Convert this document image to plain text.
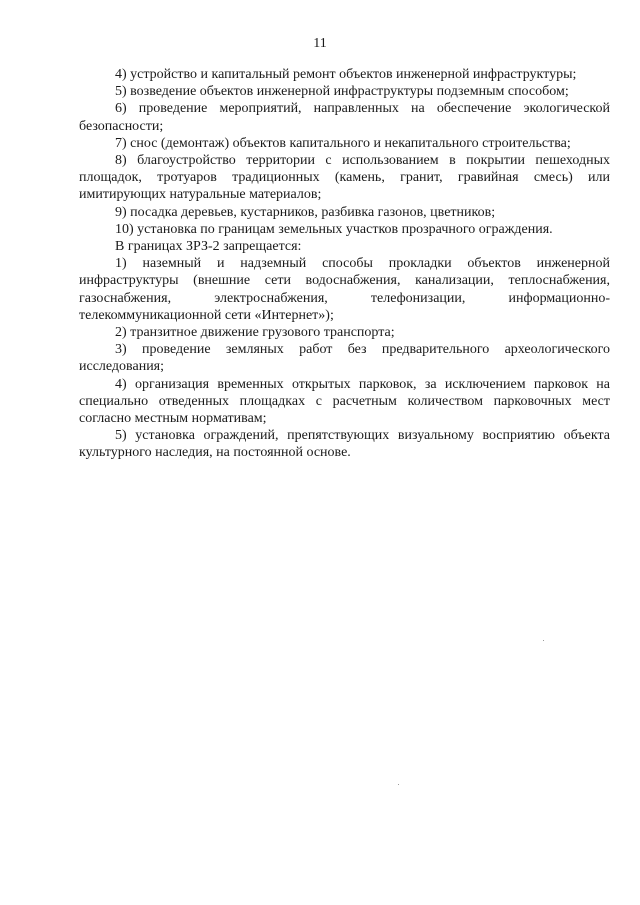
11

4) устройство и капитальный ремонт объектов инженерной инфраструктуры;

5) возведение объектов инженерной инфраструктуры подземным способом;

6) проведение мероприятий, направленных на обеспечение экологической безопасности;

7) снос (демонтаж) объектов капитального и некапитального строительства;

8) благоустройство территории с использованием в покрытии пешеходных площадок, тротуаров традиционных (камень, гранит, гравийная смесь) или имитирующих натуральные материалов;

9) посадка деревьев, кустарников, разбивка газонов, цветников;

10) установка по границам земельных участков прозрачного ограждения.

В границах ЗРЗ-2 запрещается:

1) наземный и надземный способы прокладки объектов инженерной инфраструктуры (внешние сети водоснабжения, канализации, теплоснабжения, газоснабжения, электроснабжения, телефонизации, информационно-телекоммуникационной сети «Интернет»);

2) транзитное движение грузового транспорта;

3) проведение земляных работ без предварительного археологического исследования;

4) организация временных открытых парковок, за исключением парковок на специально отведенных площадках с расчетным количеством парковочных мест согласно местным нормативам;

5) установка ограждений, препятствующих визуальному восприятию объекта культурного наследия, на постоянной основе.
